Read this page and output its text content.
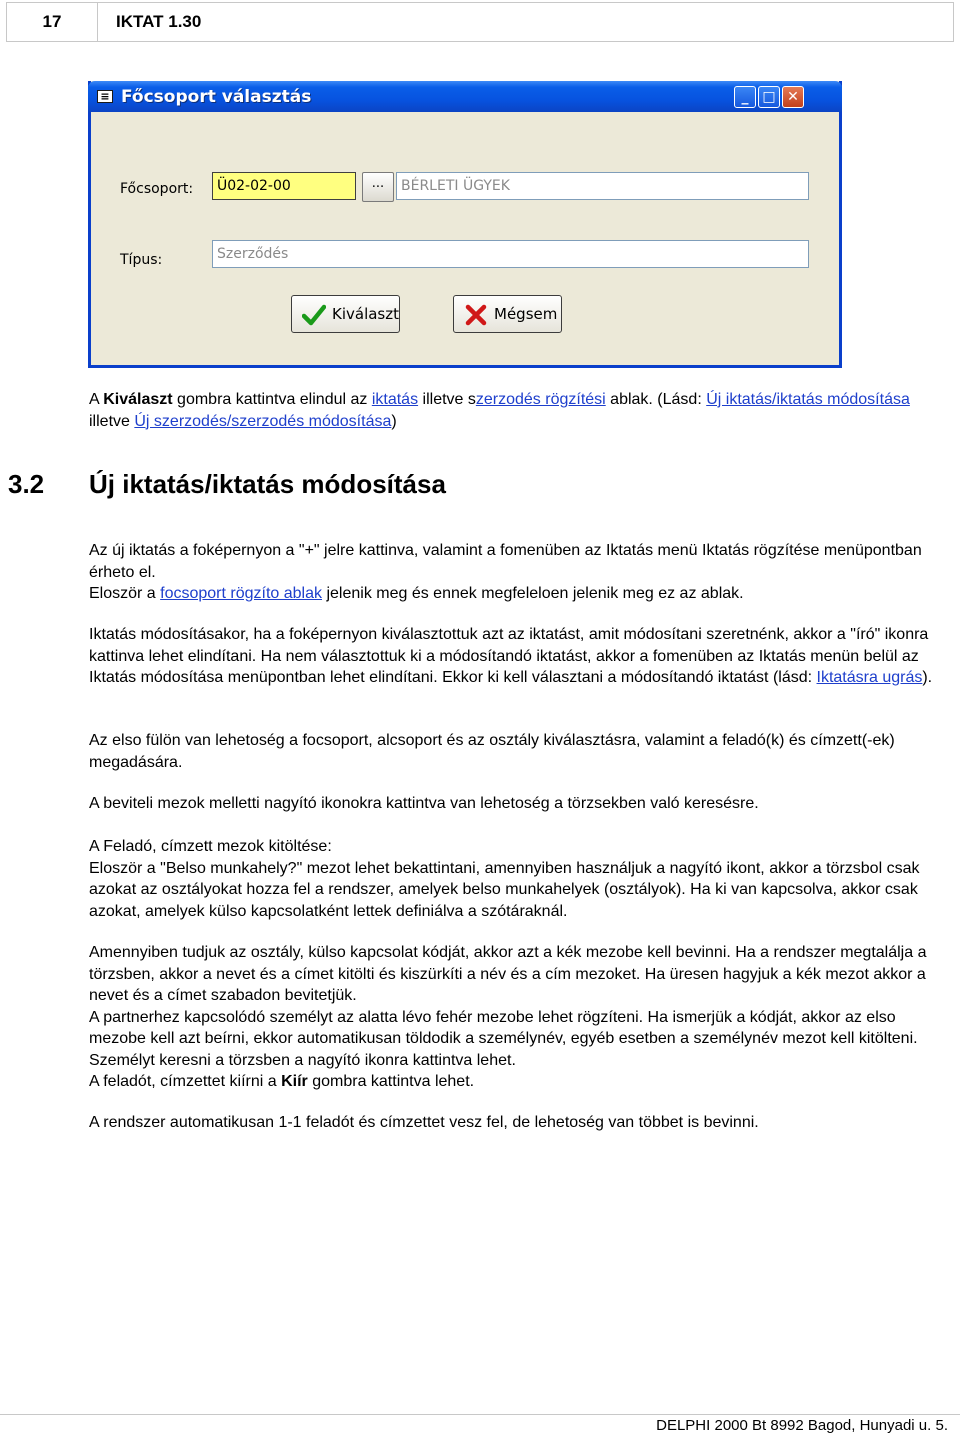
17	IKTAT 1.30
≡ Főcsoport választás	_ □ ✕
Főcsoport:	Ü02-02-00	...	BÉRLETI ÜGYEK
Típus:	Szerződés
Kiválaszt	Mégsem

A Kiválaszt gombra kattintva elindul az iktatás illetve szerzodés rögzítési ablak. (Lásd: Új iktatás/iktatás módosítása illetve Új szerzodés/szerzodés módosítása)

3.2 Új iktatás/iktatás módosítása

Az új iktatás a foképernyon a "+" jelre kattinva, valamint a fomenüben az Iktatás menü Iktatás rögzítése menüpontban érheto el.
Eloször a focsoport rögzíto ablak jelenik meg és ennek megfeleloen jelenik meg ez az ablak.

Iktatás módosításakor, ha a foképernyon kiválasztottuk azt az iktatást, amit módosítani szeretnénk, akkor a "író" ikonra kattinva lehet elindítani. Ha nem választottuk ki a módosítandó iktatást, akkor a fomenüben az Iktatás menün belül az Iktatás módosítása menüpontban lehet elindítani. Ekkor ki kell választani a módosítandó iktatást (lásd: Iktatásra ugrás).

Az elso fülön van lehetoség a focsoport, alcsoport és az osztály kiválasztásra, valamint a feladó(k) és címzett(-ek) megadására.

A beviteli mezok melletti nagyító ikonokra kattintva van lehetoség a törzsekben való keresésre.

A Feladó, címzett mezok kitöltése:
Eloször a "Belso munkahely?" mezot lehet bekattintani, amennyiben használjuk a nagyító ikont, akkor a törzsbol csak azokat az osztályokat hozza fel a rendszer, amelyek belso munkahelyek (osztályok). Ha ki van kapcsolva, akkor csak azokat, amelyek külso kapcsolatként lettek definiálva a szótáraknál.

Amennyiben tudjuk az osztály, külso kapcsolat kódját, akkor azt a kék mezobe kell bevinni. Ha a rendszer megtalálja a törzsben, akkor a nevet és a címet kitölti és kiszürkíti a név és a cím mezoket. Ha üresen hagyjuk a kék mezot akkor a nevet és a címet szabadon bevitetjük.
A partnerhez kapcsolódó személyt az alatta lévo fehér mezobe lehet rögzíteni. Ha ismerjük a kódját, akkor az elso mezobe kell azt beírni, ekkor automatikusan töldodik a személynév, egyéb esetben a személynév mezot kell kitölteni. Személyt keresni a törzsben a nagyító ikonra kattintva lehet.
A feladót, címzettet kiírni a Kiír gombra kattintva lehet.

A rendszer automatikusan 1-1 feladót és címzettet vesz fel, de lehetoség van többet is bevinni.

DELPHI 2000 Bt 8992 Bagod, Hunyadi u. 5.
